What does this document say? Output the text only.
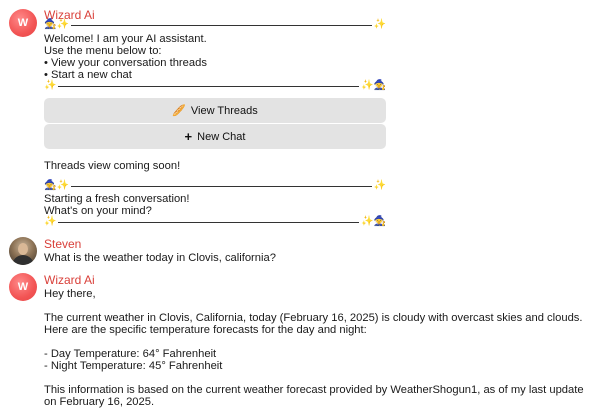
W
Wizard Ai
🧙 ✨	✨
Welcome! I am your AI assistant.
Use the menu below to:
• View your conversation threads
• Start a new chat
✨	✨ 🧙
🥖 View Threads
+ New Chat
Threads view coming soon!
🧙 ✨	✨
Starting a fresh conversation!
What's on your mind?
✨	✨ 🧙
Steven
What is the weather today in Clovis, california?
W Wizard Ai
Hey there,
The current weather in Clovis, California, today (February 16, 2025) is cloudy with overcast skies and clouds.
Here are the specific temperature forecasts for the day and night:
- Day Temperature: 64° Fahrenheit
- Night Temperature: 45° Fahrenheit
This information is based on the current weather forecast provided by WeatherShogun1, as of my last update
on February 16, 2025.
